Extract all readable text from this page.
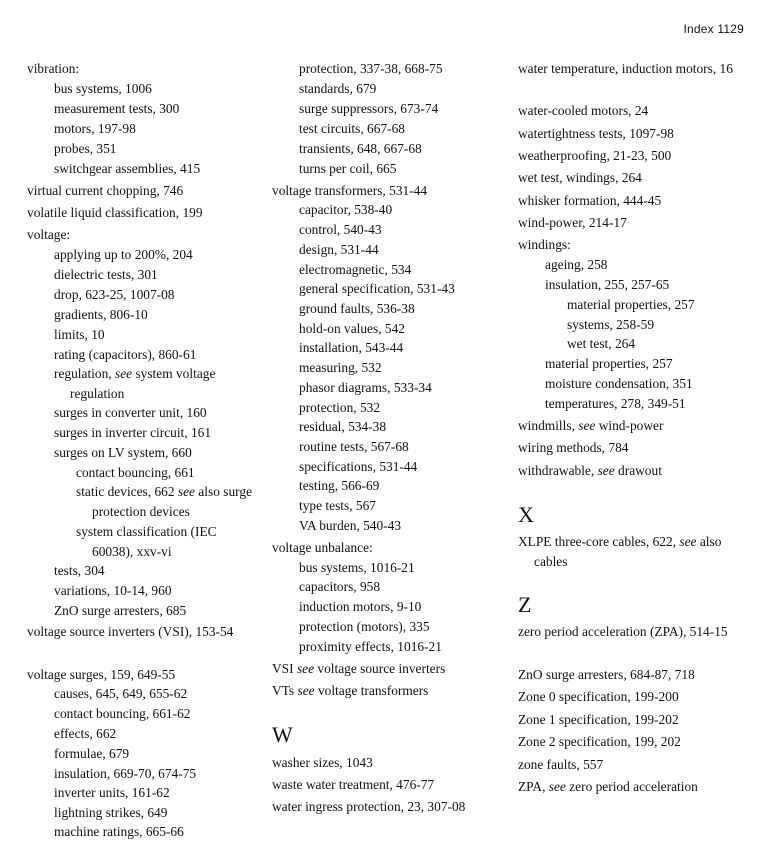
Index 1129
vibration:
bus systems, 1006
measurement tests, 300
motors, 197-98
probes, 351
switchgear assemblies, 415
virtual current chopping, 746
volatile liquid classification, 199
voltage:
applying up to 200%, 204
dielectric tests, 301
drop, 623-25, 1007-08
gradients, 806-10
limits, 10
rating (capacitors), 860-61
regulation, see system voltage regulation
surges in converter unit, 160
surges in inverter circuit, 161
surges on LV system, 660
contact bouncing, 661
static devices, 662 see also surge protection devices
system classification (IEC 60038), xxv-vi
tests, 304
variations, 10-14, 960
ZnO surge arresters, 685
voltage source inverters (VSI), 153-54
voltage surges, 159, 649-55
causes, 645, 649, 655-62
contact bouncing, 661-62
effects, 662
formulae, 679
insulation, 669-70, 674-75
inverter units, 161-62
lightning strikes, 649
machine ratings, 665-66
protection, 337-38, 668-75
standards, 679
surge suppressors, 673-74
test circuits, 667-68
transients, 648, 667-68
turns per coil, 665
voltage transformers, 531-44
capacitor, 538-40
control, 540-43
design, 531-44
electromagnetic, 534
general specification, 531-43
ground faults, 536-38
hold-on values, 542
installation, 543-44
measuring, 532
phasor diagrams, 533-34
protection, 532
residual, 534-38
routine tests, 567-68
specifications, 531-44
testing, 566-69
type tests, 567
VA burden, 540-43
voltage unbalance:
bus systems, 1016-21
capacitors, 958
induction motors, 9-10
protection (motors), 335
proximity effects, 1016-21
VSI see voltage source inverters
VTs see voltage transformers
W
washer sizes, 1043
waste water treatment, 476-77
water ingress protection, 23, 307-08
water temperature, induction motors, 16
water-cooled motors, 24
watertightness tests, 1097-98
weatherproofing, 21-23, 500
wet test, windings, 264
whisker formation, 444-45
wind-power, 214-17
windings:
ageing, 258
insulation, 255, 257-65
material properties, 257
systems, 258-59
wet test, 264
material properties, 257
moisture condensation, 351
temperatures, 278, 349-51
windmills, see wind-power
wiring methods, 784
withdrawable, see drawout
X
XLPE three-core cables, 622, see also cables
Z
zero period acceleration (ZPA), 514-15
ZnO surge arresters, 684-87, 718
Zone 0 specification, 199-200
Zone 1 specification, 199-202
Zone 2 specification, 199, 202
zone faults, 557
ZPA, see zero period acceleration
